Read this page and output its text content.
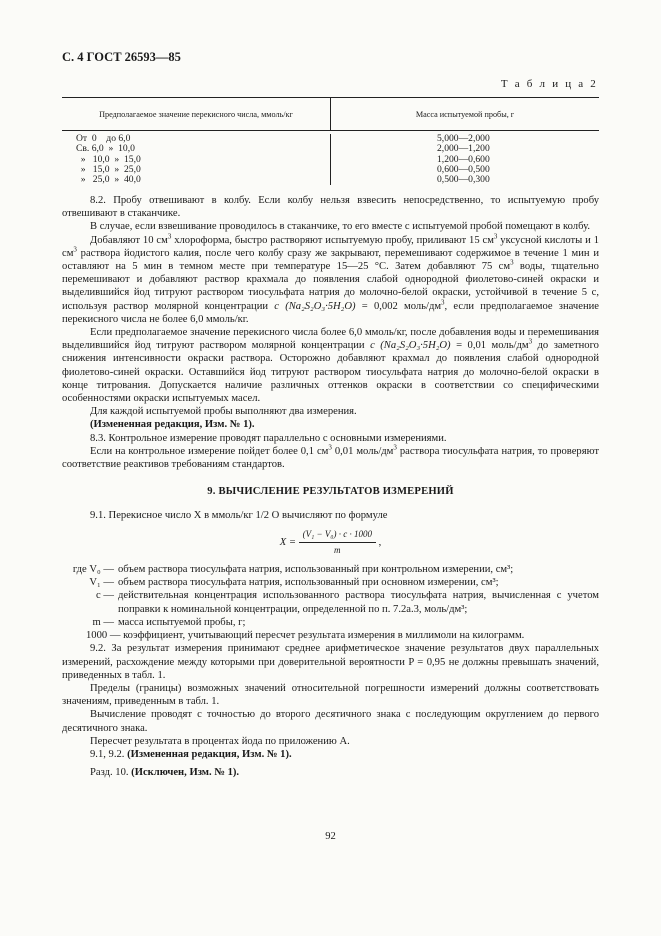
С. 4 ГОСТ 26593—85
Т а б л и ц а 2
Предполагаемое значение перекисного числа, ммоль/кг	Масса испытуемой пробы, г
От  0    до 6,0
Св. 6,0  »  10,0
»   10,0  »  15,0
»   15,0  »  25,0
»   25,0  »  40,0
5,000—2,000
2,000—1,200
1,200—0,600
0,600—0,500
0,500—0,300

8.2. Пробу отвешивают в колбу. Если колбу нельзя взвесить непосредственно, то испытуемую пробу отвешивают в стаканчике.

В случае, если взвешивание проводилось в стаканчике, то его вместе с испытуемой пробой помещают в колбу.

Добавляют 10 $см^3$ хлороформа, быстро растворяют испытуемую пробу, приливают 15 $см^3$ уксусной кислоты и 1 $см^3$ раствора йодистого калия, после чего колбу сразу же закрывают, перемешивают содержимое в течение 1 мин и оставляют на 5 мин в темном месте при температуре 15—25 °С. Затем добавляют 75 $см^3$ воды, тщательно перемешивают и добавляют раствор крахмала до появления слабой однородной фиолетово-синей окраски и выделившийся йод титруют раствором тиосульфата натрия до молочно-белой окраски, устойчивой в течение 5 с, используя раствор молярной концентрации c (Na₂S₂O₃·5H₂O) = 0,002 моль/$дм^3$, если предполагаемое значение перекисного числа не более 6,0 ммоль/кг.

Если предполагаемое значение перекисного числа более 6,0 ммоль/кг, после добавления воды и перемешивания выделившийся йод титруют раствором молярной концентрации c (Na₂S₂O₃·5H₂O) = 0,01 моль/$дм^3$ до заметного снижения интенсивности окраски раствора. Осторожно добавляют крахмал до появления слабой однородной фиолетово-синей окраски. Оставшийся йод титруют раствором тиосульфата натрия до молочно-белой окраски в конце титрования. Допускается наличие различных оттенков окраски в соответствии со специфическими особенностями окраски испытуемых масел.

Для каждой испытуемой пробы выполняют два измерения.

(Измененная редакция, Изм. № 1).

8.3. Контрольное измерение проводят параллельно с основными измерениями.

Если на контрольное измерение пойдет более 0,1 $см^3$ 0,01 моль/$дм^3$ раствора тиосульфата натрия, то проверяют соответствие реактивов требованиям стандартов.

9. ВЫЧИСЛЕНИЕ РЕЗУЛЬТАТОВ ИЗМЕРЕНИЙ

9.1. Перекисное число X в ммоль/кг 1/2 О вычисляют по формуле

$X = \frac{\text{(V₁ − V₀) · c · 1000}}{m}$ ,
где V₀ — объем раствора тиосульфата натрия, использованный при контрольном измерении, см³;
V₁ — объем раствора тиосульфата натрия, использованный при основном измерении, см³;
c — действительная концентрация использованного раствора тиосульфата натрия, вычисленная с учетом поправки к номинальной концентрации, определенной по п. 7.2а.3, моль/дм³;
m — масса испытуемой пробы, г;

1000 — коэффициент, учитывающий пересчет результата измерения в миллимоли на килограмм.

9.2. За результат измерения принимают среднее арифметическое значение результатов двух параллельных измерений, расхождение между которыми при доверительной вероятности P = 0,95 не должны превышать значений, приведенных в табл. 1.

Пределы (границы) возможных значений относительной погрешности измерений должны соответствовать значениям, приведенным в табл. 1.

Вычисление проводят с точностью до второго десятичного знака с последующим округлением до первого десятичного знака.

Пересчет результата в процентах йода по приложению А.

9.1, 9.2. (Измененная редакция, Изм. № 1).

Разд. 10. (Исключен, Изм. № 1).

92
